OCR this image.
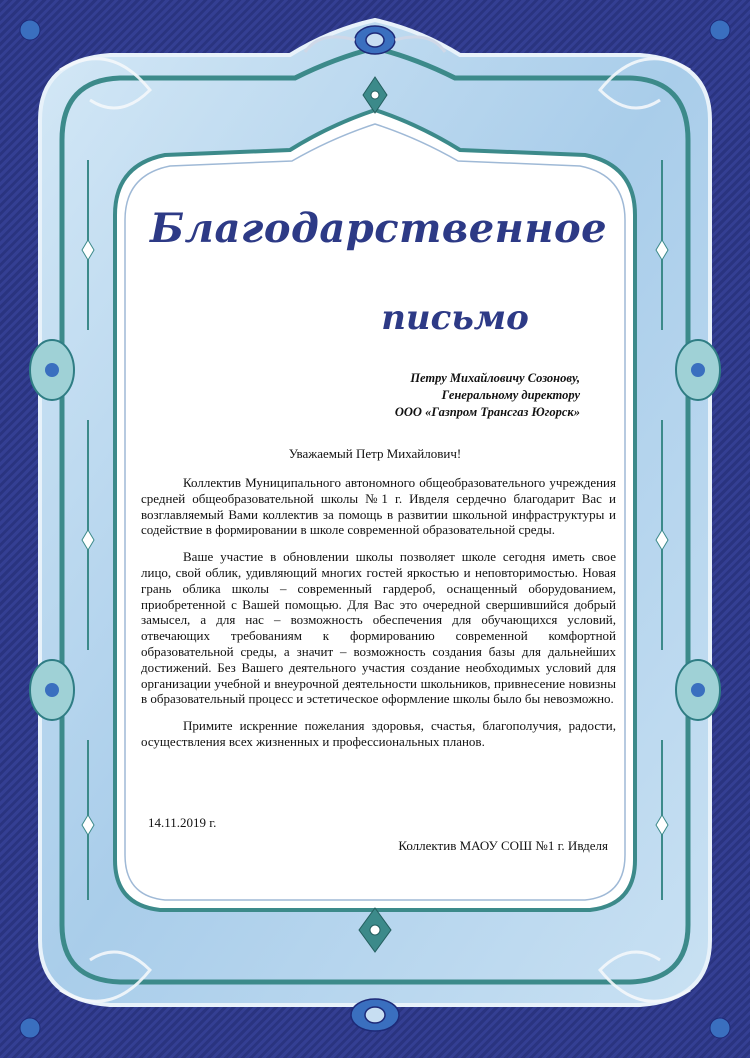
Благодарственное
письмо
Петру Михайловичу Созонову,
Генеральному директору
ООО «Газпром Трансгаз Югорск»
Уважаемый Петр Михайлович!

Коллектив Муниципального автономного общеобразовательного учреждения средней общеобразовательной школы №1 г. Ивделя сердечно благодарит Вас и возглавляемый Вами коллектив за помощь в развитии школьной инфраструктуры и содействие в формировании в школе современной образовательной среды.

Ваше участие в обновлении школы позволяет школе сегодня иметь свое лицо, свой облик, удивляющий многих гостей яркостью и неповторимостью. Новая грань облика школы – современный гардероб, оснащенный оборудованием, приобретенной с Вашей помощью. Для Вас это очередной свершившийся добрый замысел, а для нас – возможность обеспечения для обучающихся условий, отвечающих требованиям к формированию современной комфортной образовательной среды, а значит – возможность создания базы для дальнейших достижений. Без Вашего деятельного участия создание необходимых условий для организации учебной и внеурочной деятельности школьников, привнесение новизны в образовательный процесс и эстетическое оформление школы было бы невозможно.

Примите искренние пожелания здоровья, счастья, благополучия, радости, осуществления всех жизненных и профессиональных планов.

14.11.2019 г.
Коллектив МАОУ СОШ №1 г. Ивделя
